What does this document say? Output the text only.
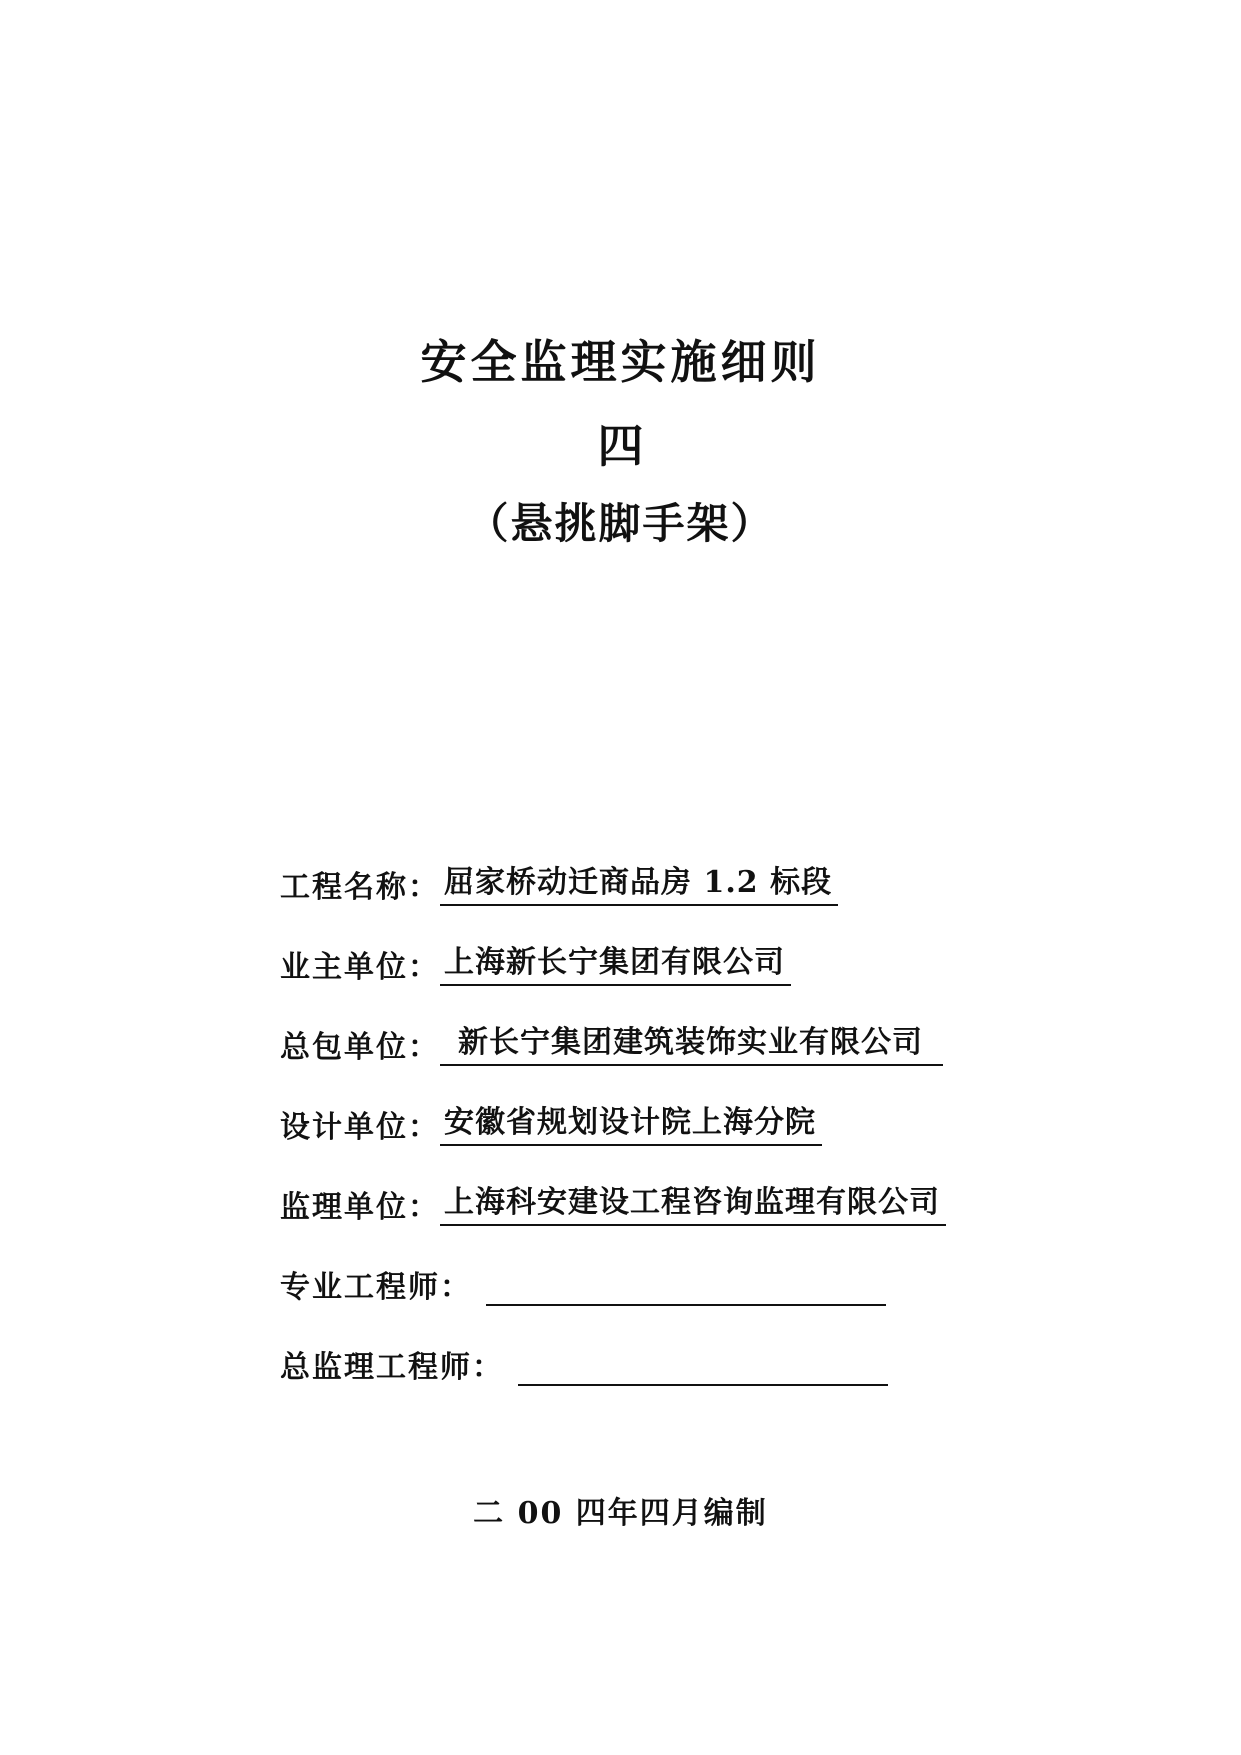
安全监理实施细则
四
（悬挑脚手架）
工程名称： 屈家桥动迁商品房 1.2 标段
业主单位： 上海新长宁集团有限公司
总包单位： 新长宁集团建筑装饰实业有限公司
设计单位： 安徽省规划设计院上海分院
监理单位： 上海科安建设工程咨询监理有限公司
专业工程师：
总监理工程师：
二 00 四年四月编制
